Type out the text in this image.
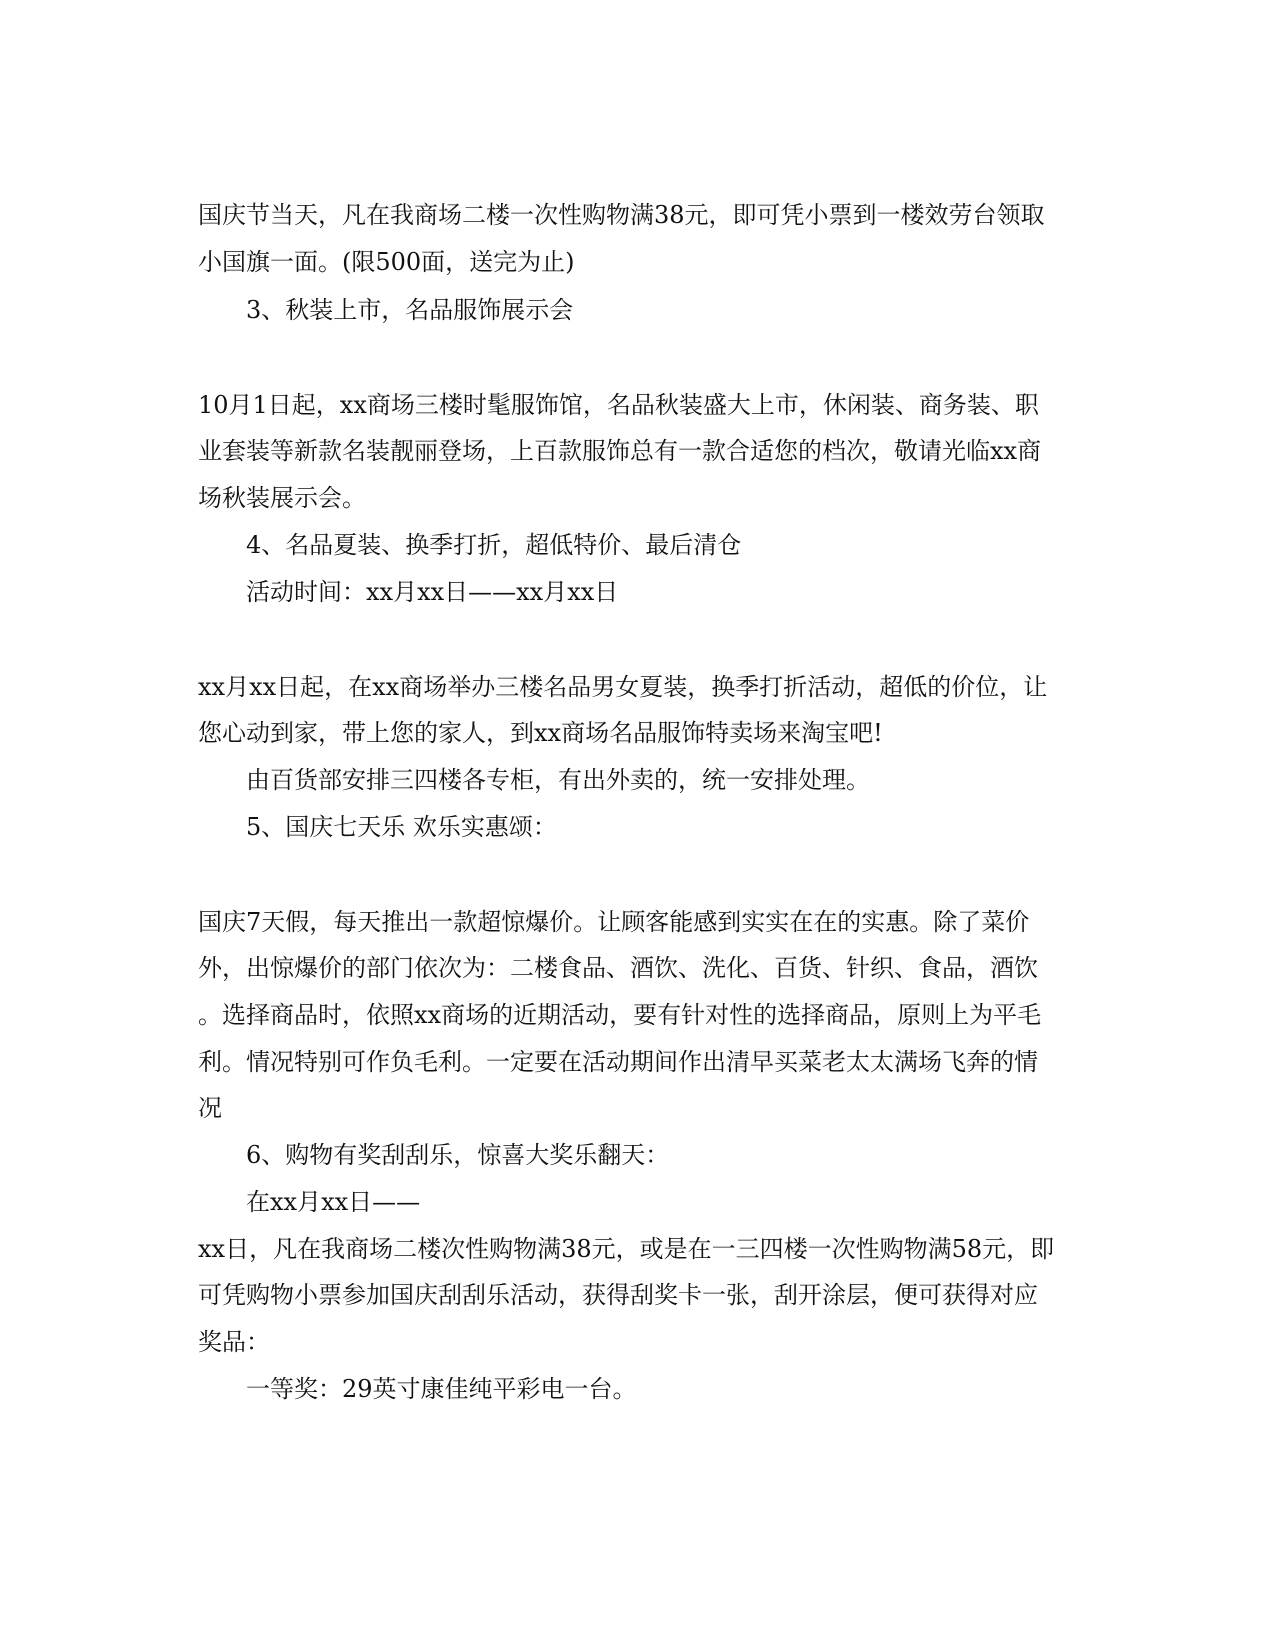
国庆节当天，凡在我商场二楼一次性购物满38元，即可凭小票到一楼效劳台领取
小国旗一面。(限500面，送完为止)
3、秋装上市，名品服饰展示会
10月1日起，xx商场三楼时髦服饰馆，名品秋装盛大上市，休闲装、商务装、职
业套装等新款名装靓丽登场，上百款服饰总有一款合适您的档次，敬请光临xx商
场秋装展示会。
4、名品夏装、换季打折，超低特价、最后清仓
活动时间：xx月xx日——xx月xx日
xx月xx日起，在xx商场举办三楼名品男女夏装，换季打折活动，超低的价位，让
您心动到家，带上您的家人，到xx商场名品服饰特卖场来淘宝吧!
由百货部安排三四楼各专柜，有出外卖的，统一安排处理。
5、国庆七天乐 欢乐实惠颂：
国庆7天假，每天推出一款超惊爆价。让顾客能感到实实在在的实惠。除了菜价
外，出惊爆价的部门依次为：二楼食品、酒饮、洗化、百货、针织、食品，酒饮
。选择商品时，依照xx商场的近期活动，要有针对性的选择商品，原则上为平毛
利。情况特别可作负毛利。一定要在活动期间作出清早买菜老太太满场飞奔的情
况
6、购物有奖刮刮乐，惊喜大奖乐翻天：
在xx月xx日——
xx日，凡在我商场二楼次性购物满38元，或是在一三四楼一次性购物满58元，即
可凭购物小票参加国庆刮刮乐活动，获得刮奖卡一张，刮开涂层，便可获得对应
奖品：
一等奖：29英寸康佳纯平彩电一台。
